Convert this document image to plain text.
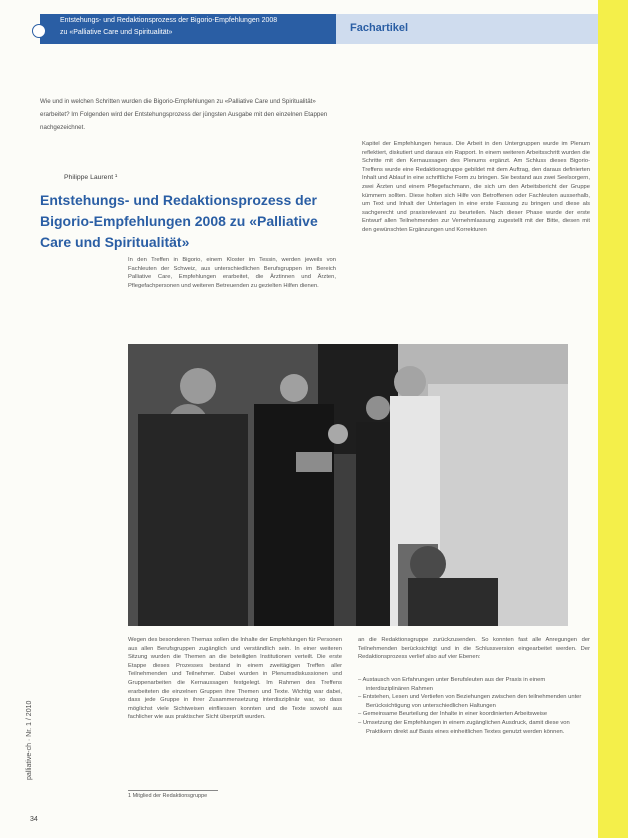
Entstehungs- und Redaktionsprozess der Bigorio-Empfehlungen 2008
zu «Palliative Care und Spiritualität»	Fachartikel
Wie und in welchen Schritten wurden die Bigorio-Empfehlungen zu «Palliative Care und Spiritualität» erarbeitet? Im Folgenden wird der Entstehungsprozess der jüngsten Ausgabe mit den einzelnen Etappen nachgezeichnet.
Philippe Laurent ¹
Entstehungs- und Redaktionsprozess der Bigorio-Empfehlungen 2008 zu «Palliative Care und Spiritualität»
In den Treffen in Bigorio, einem Kloster im Tessin, werden jeweils von Fachleuten der Schweiz, aus unterschiedlichen Berufsgruppen im Bereich Palliative Care, Empfehlungen erarbeitet, die Ärztinnen und Ärzten, Pflegefachpersonen und weiteren Betreuenden zu gezielten Hilfen dienen.
Kapitel der Empfehlungen heraus. Die Arbeit in den Untergruppen wurde im Plenum reflektiert, diskutiert und daraus ein Rapport. In einem weiteren Arbeitsschritt wurden die Schritte mit den Kernaussagen des Plenums ergänzt. Am Schluss dieses Bigorio-Treffens wurde eine Redaktionsgruppe gebildet mit dem Auftrag, den daraus definierten Inhalt und Ablauf in eine schriftliche Form zu bringen. Sie bestand aus zwei Seelsorgern, zwei Ärzten und einem Pflegefachmann, die sich um den Arbeitsbericht der Gruppe kümmern sollten. Diese holten sich Hilfe von Betroffenen oder Fachleuten ausserhalb, um Text und Inhalt der Unterlagen in eine erste Fassung zu bringen und diese als sachgerecht und praxisrelevant zu beurteilen. Nach dieser Phase wurde der erste Entwurf allen Teilnehmenden zur Vernehmlassung zugestellt mit der Bitte, diesen mit den gewünschten Ergänzungen und Korrekturen
Wegen des besonderen Themas sollen die Inhalte der Empfehlungen für Personen aus allen Berufsgruppen zugänglich und verständlich sein. In einer weiteren Sitzung wurden die Themen an die beteiligten Institutionen verteilt. Die erste Etappe dieses Prozesses bestand in einem zweitägigen Treffen aller Teilnehmenden und Teilnehmer. Dabei wurden in Plenumsdiskussionen und Gruppenarbeiten die Kernaussagen festgelegt. Im Rahmen des Treffens erarbeiteten die einzelnen Gruppen ihre Themen und Texte. Wichtig war dabei, dass jede Gruppe in ihrer Zusammensetzung interdisziplinär war, so dass möglichst viele Sichtweisen einfliessen konnten und die Texte sowohl aus fachlicher wie aus praktischer Sicht überprüft wurden.
an die Redaktionsgruppe zurückzusenden. So konnten fast alle Anregungen der Teilnehmenden berücksichtigt und in die Schlussversion eingearbeitet werden. Der Redaktionsprozess verlief also auf vier Ebenen:
– Austausch von Erfahrungen unter Berufsleuten aus der Praxis in einem interdisziplinären Rahmen
– Entstehen, Lesen und Vertiefen von Beziehungen zwischen den teilnehmenden unter Berücksichtigung von unterschiedlichen Haltungen
– Gemeinsame Beurteilung der Inhalte in einer koordinierten Arbeitsweise
– Umsetzung der Empfehlungen in einem zugänglichen Ausdruck, damit diese von Praktikern direkt auf Basis eines einheitlichen Textes genutzt werden können.
1 Mitglied der Redaktionsgruppe
palliative-ch · Nr. 1 / 2010
34
